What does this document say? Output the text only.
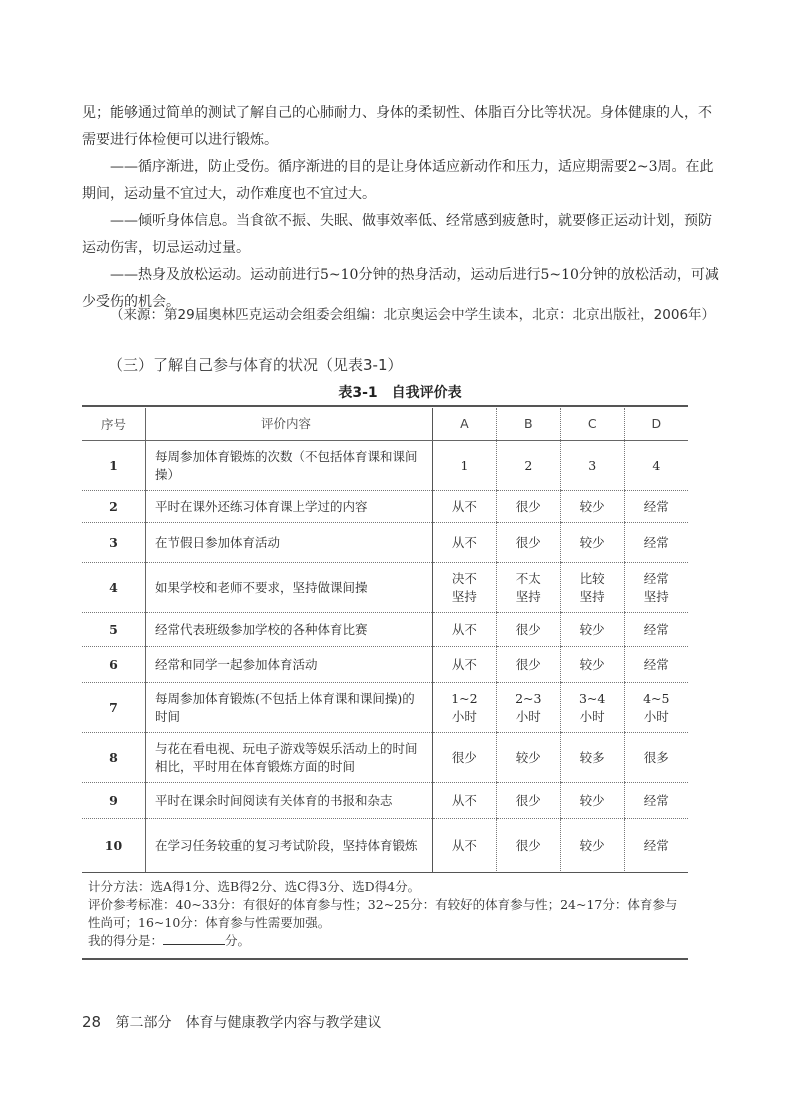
见；能够通过简单的测试了解自己的心肺耐力、身体的柔韧性、体脂百分比等状况。身体健康的人，不需要进行体检便可以进行锻炼。
——循序渐进，防止受伤。循序渐进的目的是让身体适应新动作和压力，适应期需要2~3周。在此期间，运动量不宜过大，动作难度也不宜过大。
——倾听身体信息。当食欲不振、失眠、做事效率低、经常感到疲惫时，就要修正运动计划，预防运动伤害，切忌运动过量。
——热身及放松运动。运动前进行5~10分钟的热身活动，运动后进行5~10分钟的放松活动，可减少受伤的机会。
（来源：第29届奥林匹克运动会组委会组编：北京奥运会中学生读本，北京：北京出版社，2006年）
（三）了解自己参与体育的状况（见表3-1）
表3-1　自我评价表
序号	评价内容	A	B	C	D
1	每周参加体育锻炼的次数（不包括体育课和课间操）	1	2	3	4
2	平时在课外还练习体育课上学过的内容	从不	很少	较少	经常
3	在节假日参加体育活动	从不	很少	较少	经常
4	如果学校和老师不要求，坚持做课间操	决不坚持	不太坚持	比较坚持	经常坚持
5	经常代表班级参加学校的各种体育比赛	从不	很少	较少	经常
6	经常和同学一起参加体育活动	从不	很少	较少	经常
7	每周参加体育锻炼(不包括上体育课和课间操)的时间	1~2小时	2~3小时	3~4小时	4~5小时
8	与花在看电视、玩电子游戏等娱乐活动上的时间相比，平时用在体育锻炼方面的时间	很少	较少	较多	很多
9	平时在课余时间阅读有关体育的书报和杂志	从不	很少	较少	经常
10	在学习任务较重的复习考试阶段，坚持体育锻炼	从不	很少	较少	经常
计分方法：选A得1分、选B得2分、选C得3分、选D得4分。
评价参考标准：40~33分：有很好的体育参与性；32~25分：有较好的体育参与性；24~17分：体育参与性尚可；16~10分：体育参与性需要加强。
我的得分是：	分。
28 第二部分　体育与健康教学内容与教学建议
